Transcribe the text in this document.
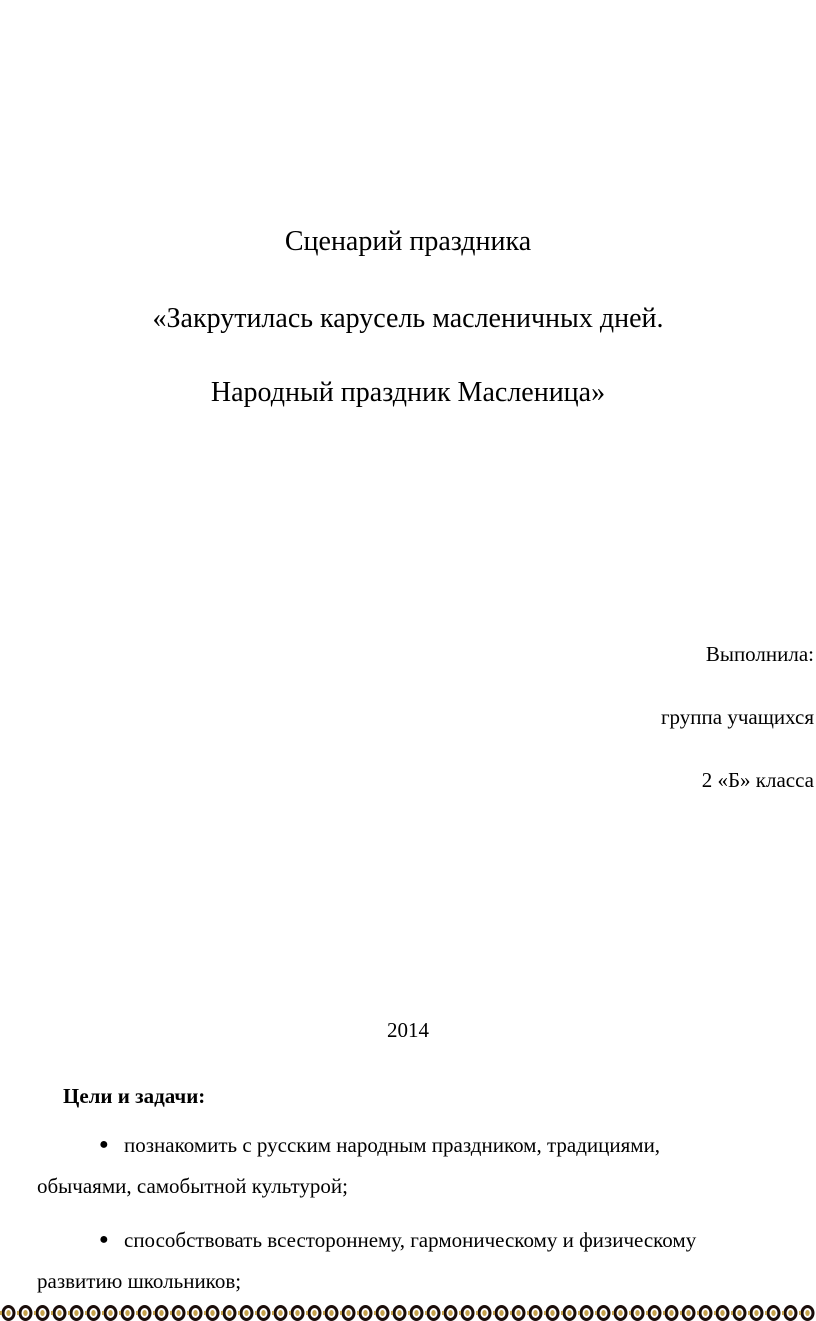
Сценарий праздника
«Закрутилась карусель масленичных дней.
Народный праздник Масленица»
Выполнила:
группа учащихся
2 «Б» класса
2014
Цели и задачи:
● познакомить с русским народным праздником, традициями,
обычаями, самобытной культурой;
● способствовать всестороннему, гармоническому и физическому
развитию школьников;
